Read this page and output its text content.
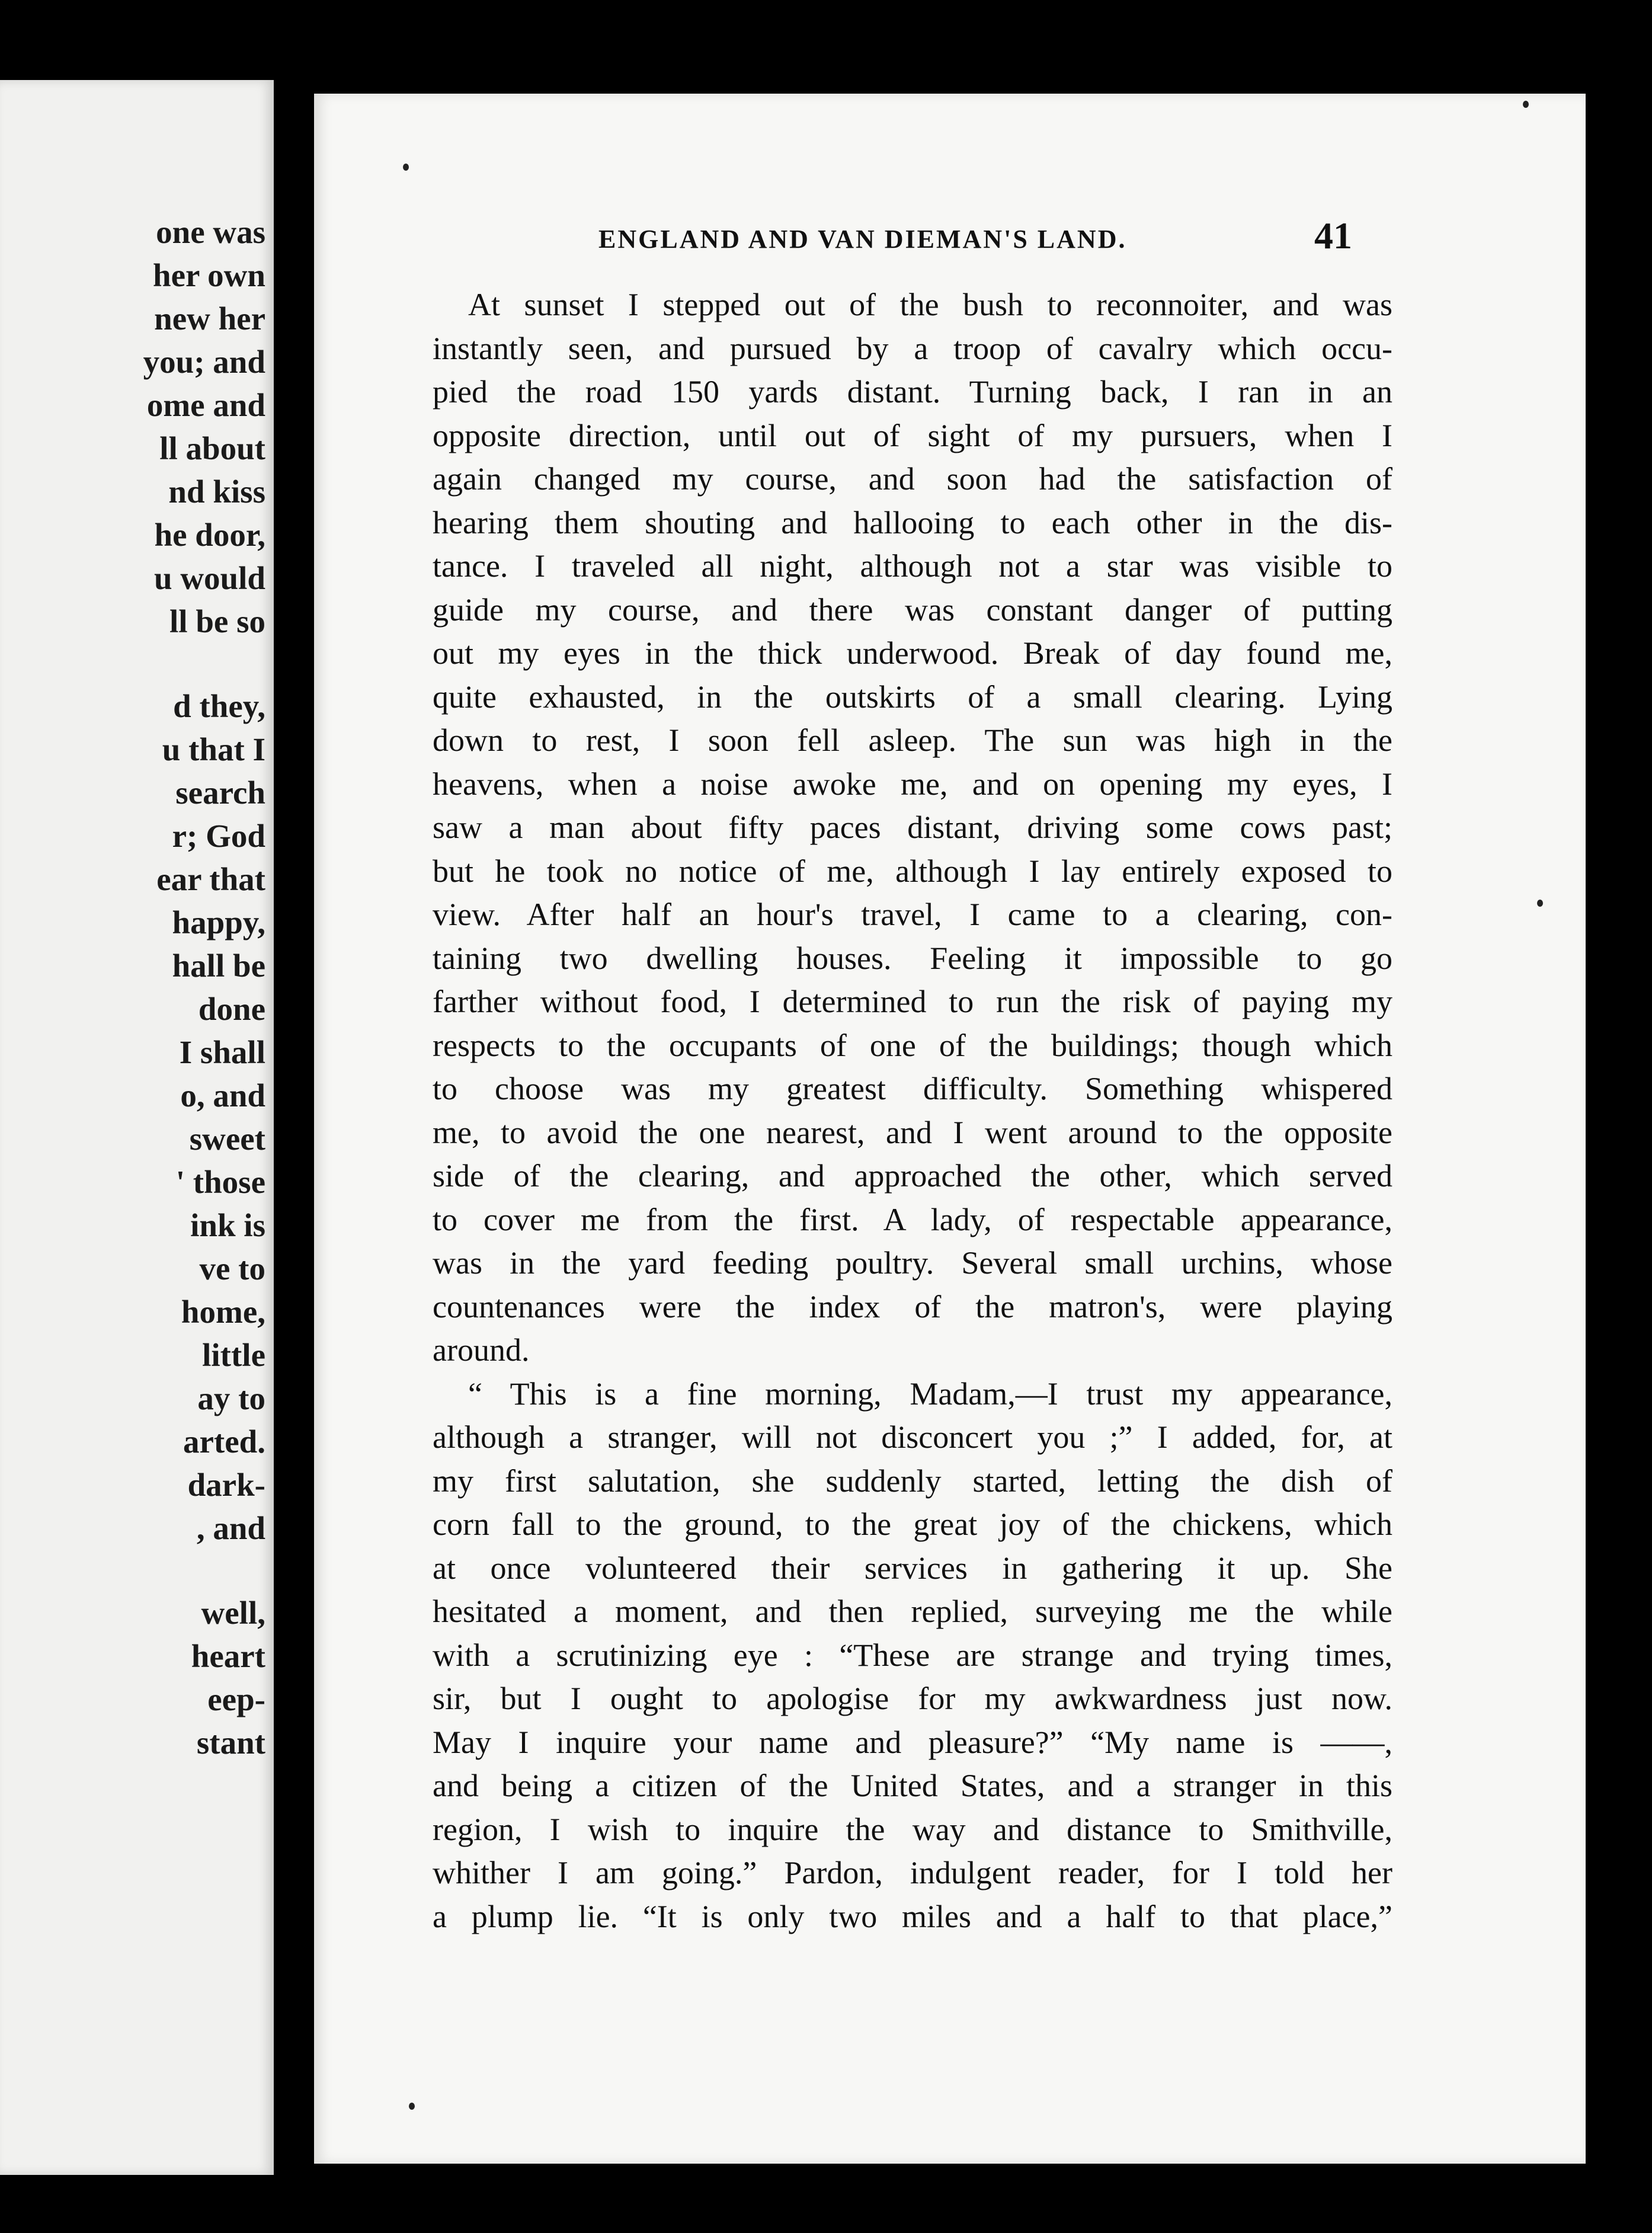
one was

her own

new her

you; and

ome and

ll about

nd kiss

he door,

u would

ll be so

d they,

u that I

search

r; God

ear that

happy,

hall be

done

I shall

o, and

sweet

' those

ink is

ve to

home,

little

ay to

arted.

dark-

, and

well,

heart

eep-

stant

ENGLAND AND VAN DIEMAN'S LAND.	41

At sunset I stepped out of the bush to reconnoiter, and was

instantly seen, and pursued by a troop of cavalry which occu-

pied the road 150 yards distant. Turning back, I ran in an

opposite direction, until out of sight of my pursuers, when I

again changed my course, and soon had the satisfaction of

hearing them shouting and hallooing to each other in the dis-

tance. I traveled all night, although not a star was visible to

guide my course, and there was constant danger of putting

out my eyes in the thick underwood. Break of day found me,

quite exhausted, in the outskirts of a small clearing. Lying

down to rest, I soon fell asleep. The sun was high in the

heavens, when a noise awoke me, and on opening my eyes, I

saw a man about fifty paces distant, driving some cows past;

but he took no notice of me, although I lay entirely exposed to

view. After half an hour's travel, I came to a clearing, con-

taining two dwelling houses. Feeling it impossible to go

farther without food, I determined to run the risk of paying my

respects to the occupants of one of the buildings; though which

to choose was my greatest difficulty. Something whispered

me, to avoid the one nearest, and I went around to the opposite

side of the clearing, and approached the other, which served

to cover me from the first. A lady, of respectable appearance,

was in the yard feeding poultry. Several small urchins, whose

countenances were the index of the matron's, were playing

around.

“ This is a fine morning, Madam,—I trust my appearance,

although a stranger, will not disconcert you ;” I added, for, at

my first salutation, she suddenly started, letting the dish of

corn fall to the ground, to the great joy of the chickens, which

at once volunteered their services in gathering it up. She

hesitated a moment, and then replied, surveying me the while

with a scrutinizing eye : “These are strange and trying times,

sir, but I ought to apologise for my awkwardness just now.

May I inquire your name and pleasure?” “My name is ——,

and being a citizen of the United States, and a stranger in this

region, I wish to inquire the way and distance to Smithville,

whither I am going.” Pardon, indulgent reader, for I told her

a plump lie. “It is only two miles and a half to that place,”
